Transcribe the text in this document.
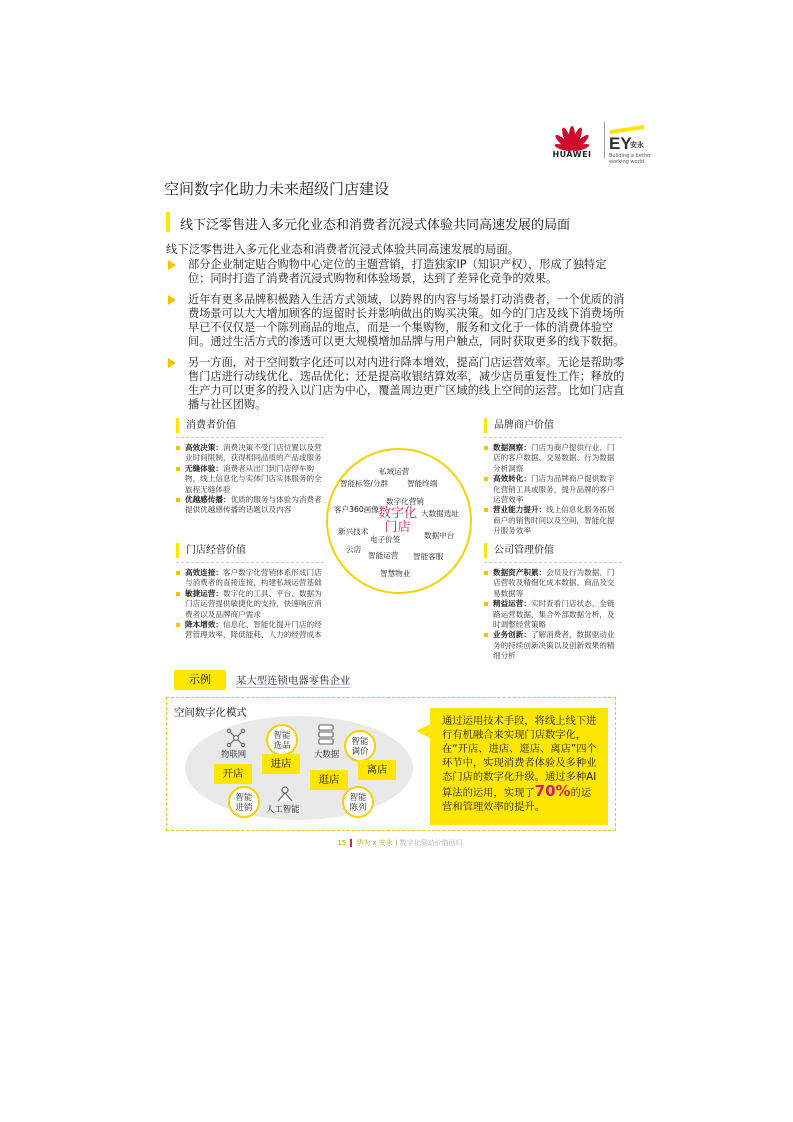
HUAWEI
EY
安永
Building a better working world
空间数字化助力未来超级门店建设
线下泛零售进入多元化业态和消费者沉浸式体验共同高速发展的局面
线下泛零售进入多元化业态和消费者沉浸式体验共同高速发展的局面。
部分企业制定贴合购物中心定位的主题营销，打造独家IP（知识产权），形成了独特定位；同时打造了消费者沉浸式购物和体验场景，达到了差异化竞争的效果。
近年有更多品牌积极踏入生活方式领域，以跨界的内容与场景打动消费者，一个优质的消费场景可以大大增加顾客的逗留时长并影响做出的购买决策。如今的门店及线下消费场所早已不仅仅是一个陈列商品的地点，而是一个集购物，服务和文化于一体的消费体验空间。通过生活方式的渗透可以更大规模增加品牌与用户触点，同时获取更多的线下数据。
另一方面，对于空间数字化还可以对内进行降本增效，提高门店运营效率。无论是帮助零售门店进行动线优化、选品优化；还是提高收银结算效率，减少店员重复性工作；释放的生产力可以更多的投入以门店为中心，覆盖周边更广区域的线上空间的运营。比如门店直播与社区团购。
消费者价值
高效决策：消费决策不受门店位置以及营业时间限制，获得相同品质的产品或服务
无缝体验：消费者从出门到门店停车购物，线上信息化与实体门店实体服务的全旅程无缝体验
优越感传播：优质的服务与体验为消费者提供优越感传播的话题以及内容
门店经营价值
高效连接：客户数字化营销体系形成门店与消费者的直接连接，构建私域运营基础
敏捷运营：数字化的工具、平台、数据为门店运营提供敏捷化的支持，快速响应消费者以及品牌商户需求
降本增效：信息化、智能化提升门店的经营管理效率，降低能耗、人力的经营成本
品牌商户价值
数据洞察：门店为商户提供行业、门店的客户数据、交易数据、行为数据分析洞察
高效转化：门店为品牌商户提供数字化营销工具或服务，提升品牌的客户运营效率
营业能力提升：线上信息化服务拓展商户的销售时间以及空间，智能化提升服务效率
公司管理价值
数据资产积累：会员及行为数据、门店营收及精细化成本数据、商品及交易数据等
精益运营：实时查看门店状态、全链路运营数据，集合外部数据分析，及时调整经营策略
业务创新：了解消费者，数据驱动业务的持续创新决策以及创新效果的精细分析
私域运营
智能标签/分群 智能终端
数字化营销
客户360画像 数字化
门店
大数据选址
新兴技术	数据中台
电子价签
云店
智能运营 智能客服
智慧物业
示例	某大型连锁电器零售企业
空间数字化模式
物联网
智能
选品
大数据
智能
调价
开店
进店
逛店
离店
智能
进销	人工智能
智能
陈列
通过运用技术手段，将线上线下进行有机融合来实现门店数字化，在“开店、进店、逛店、离店”四个环节中，实现消费者体验及多种业态门店的数字化升级。通过多种AI算法的运用，实现了70%的运营和管理效率的提升。
15 华为 x 安永 | 数字化驱动价值回归
